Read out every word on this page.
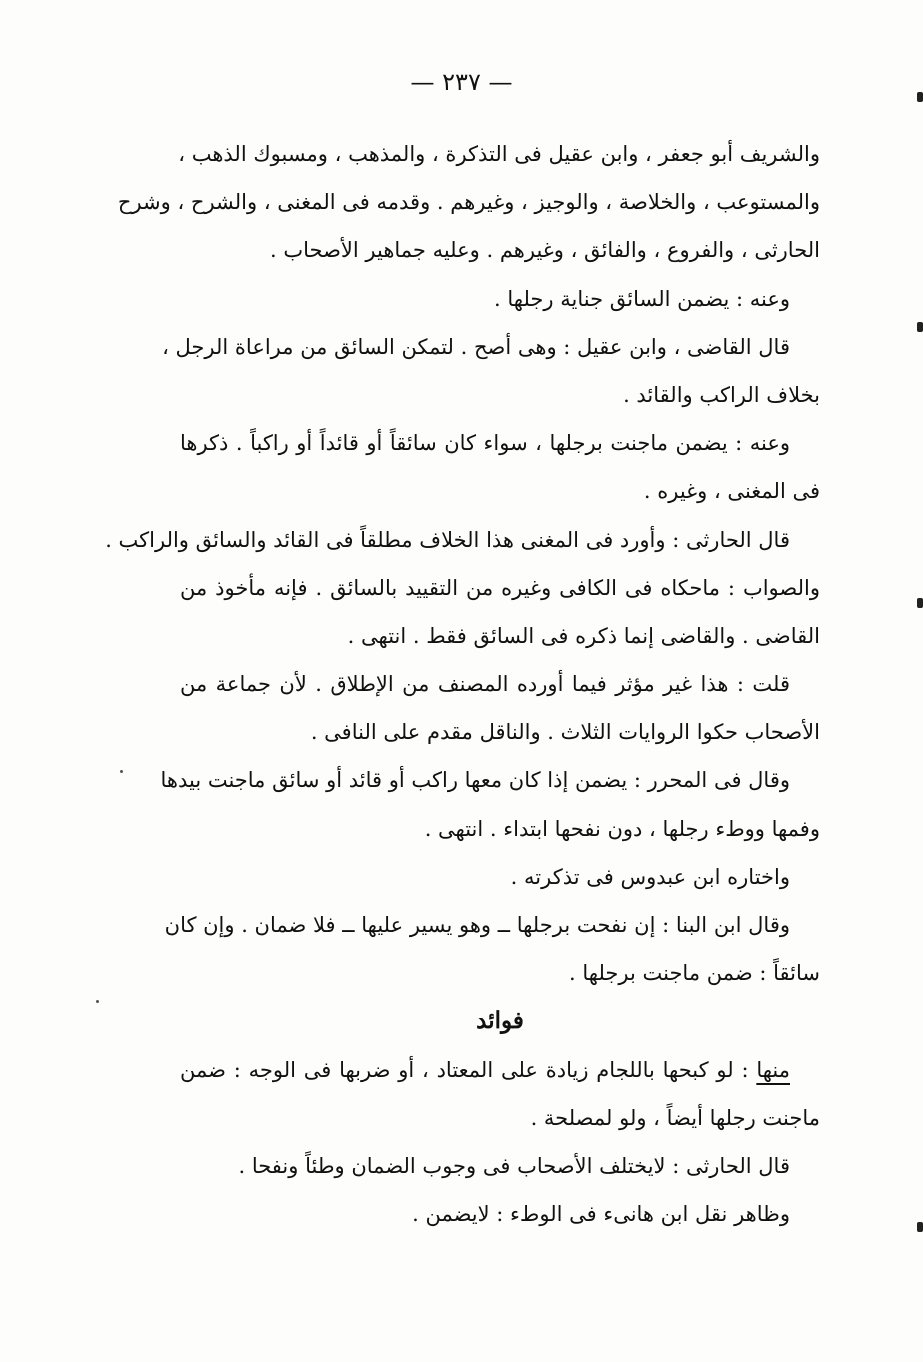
— ٢٣٧ —
والشريف أبو جعفر ، وابن عقيل فى التذكرة ، والمذهب ، ومسبوك الذهب ،
والمستوعب ، والخلاصة ، والوجيز ، وغيرهم . وقدمه فى المغنى ، والشرح ، وشرح
الحارثى ، والفروع ، والفائق ، وغيرهم . وعليه جماهير الأصحاب .
وعنه : يضمن السائق جناية رجلها .
قال القاضى ، وابن عقيل : وهى أصح . لتمكن السائق من مراعاة الرجل ،
بخلاف الراكب والقائد .
وعنه : يضمن ماجنت برجلها ، سواء كان سائقاً أو قائداً أو راكباً . ذكرها
فى المغنى ، وغيره .
قال الحارثى : وأورد فى المغنى هذا الخلاف مطلقاً فى القائد والسائق والراكب .
والصواب : ماحكاه فى الكافى وغيره من التقييد بالسائق . فإنه مأخوذ من
القاضى . والقاضى إنما ذكره فى السائق فقط . انتهى .
قلت : هذا غير مؤثر فيما أورده المصنف من الإطلاق . لأن جماعة من
الأصحاب حكوا الروايات الثلاث . والناقل مقدم على النافى .
وقال فى المحرر : يضمن إذا كان معها راكب أو قائد أو سائق ماجنت بيدها
وفمها ووطء رجلها ، دون نفحها ابتداء . انتهى .
واختاره ابن عبدوس فى تذكرته .
وقال ابن البنا : إن نفحت برجلها ــ وهو يسير عليها ــ فلا ضمان . وإن كان
سائقاً : ضمن ماجنت برجلها .
فوائد
منها : لو كبحها باللجام زيادة على المعتاد ، أو ضربها فى الوجه : ضمن
ماجنت رجلها أيضاً ، ولو لمصلحة .
قال الحارثى : لايختلف الأصحاب فى وجوب الضمان وطئاً ونفحا .
وظاهر نقل ابن هانىء فى الوطء : لايضمن .
